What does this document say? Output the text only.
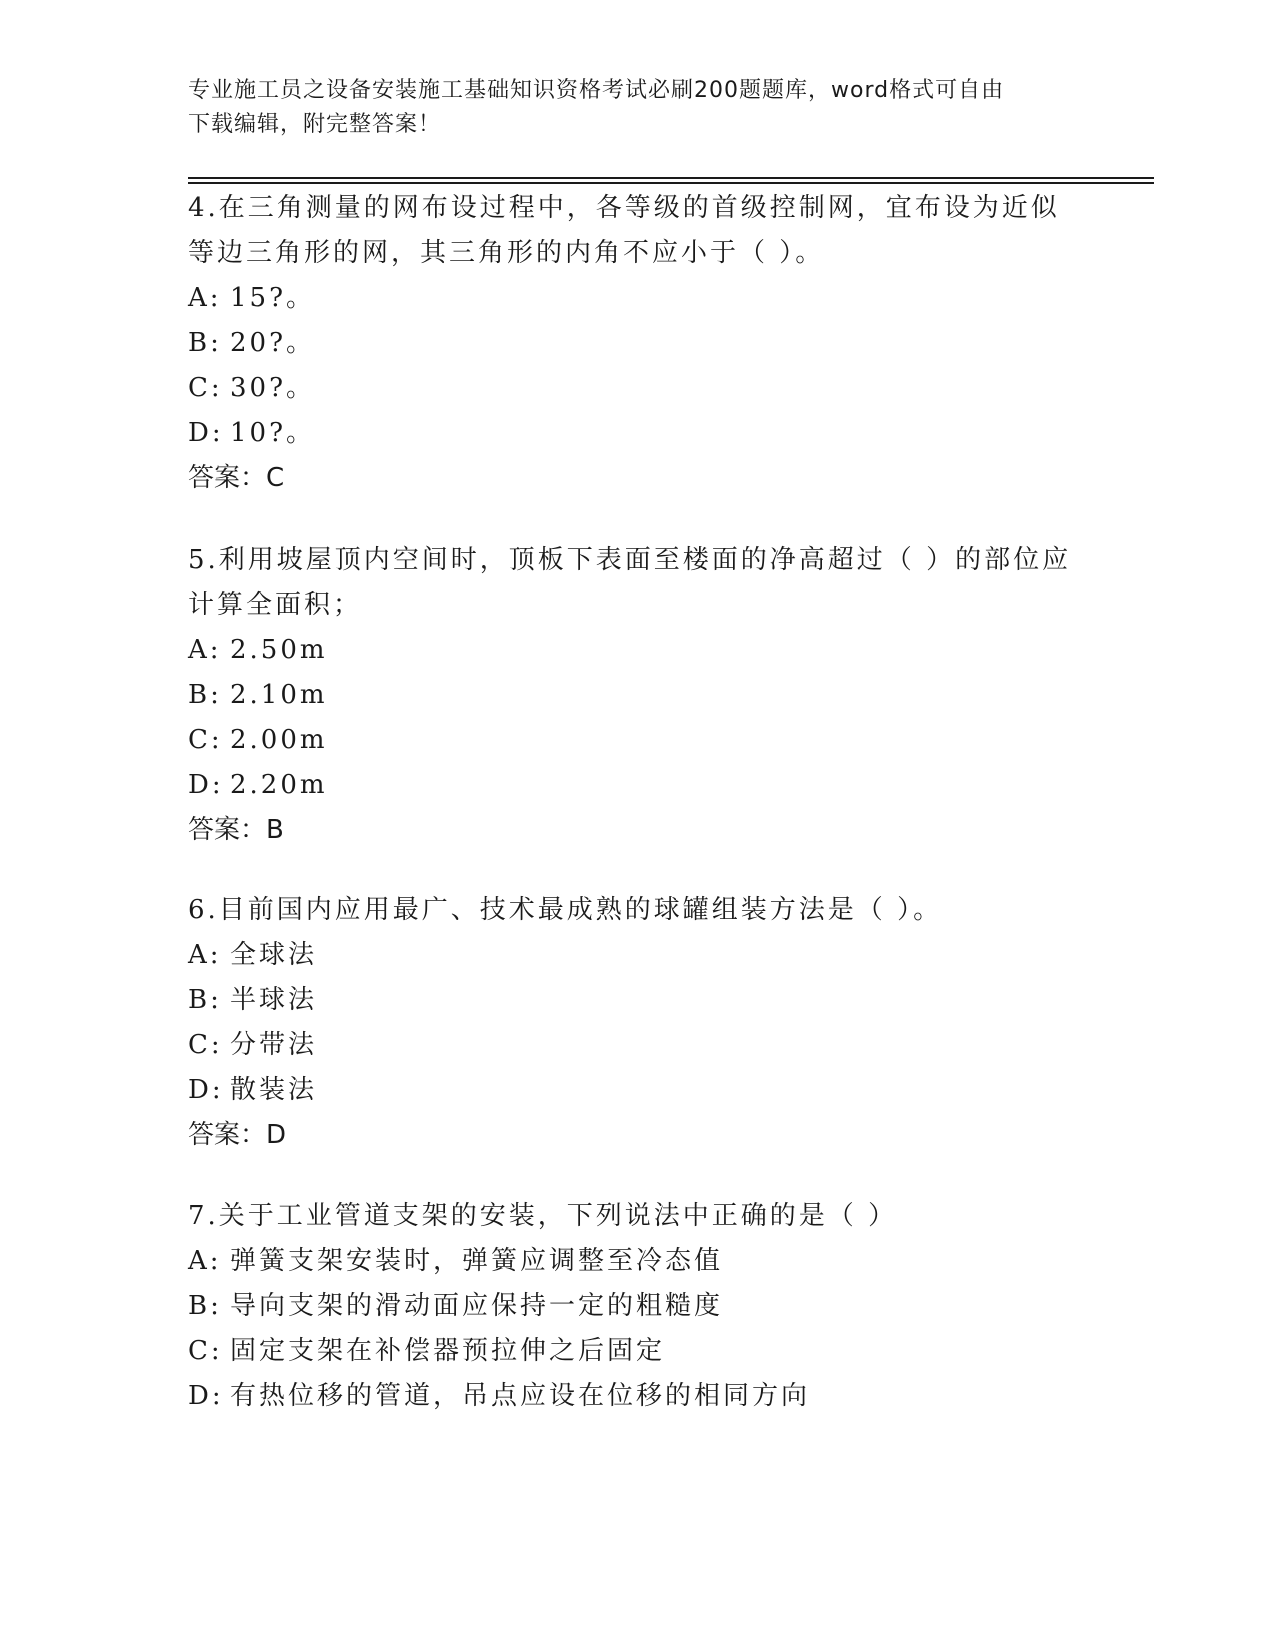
专业施工员之设备安装施工基础知识资格考试必刷200题题库，word格式可自由
下载编辑，附完整答案！

4.在三角测量的网布设过程中，各等级的首级控制网，宜布设为近似

等边三角形的网，其三角形的内角不应小于（ ）。

A: 15?。

B: 20?。

C: 30?。

D: 10?。

答案：C

5.利用坡屋顶内空间时，顶板下表面至楼面的净高超过（ ）的部位应

计算全面积；

A: 2.50m

B: 2.10m

C: 2.00m

D: 2.20m

答案：B

6.目前国内应用最广、技术最成熟的球罐组装方法是（ ）。

A: 全球法

B: 半球法

C: 分带法

D: 散装法

答案：D

7.关于工业管道支架的安装，下列说法中正确的是（ ）

A: 弹簧支架安装时，弹簧应调整至冷态值

B: 导向支架的滑动面应保持一定的粗糙度

C: 固定支架在补偿器预拉伸之后固定

D: 有热位移的管道，吊点应设在位移的相同方向
